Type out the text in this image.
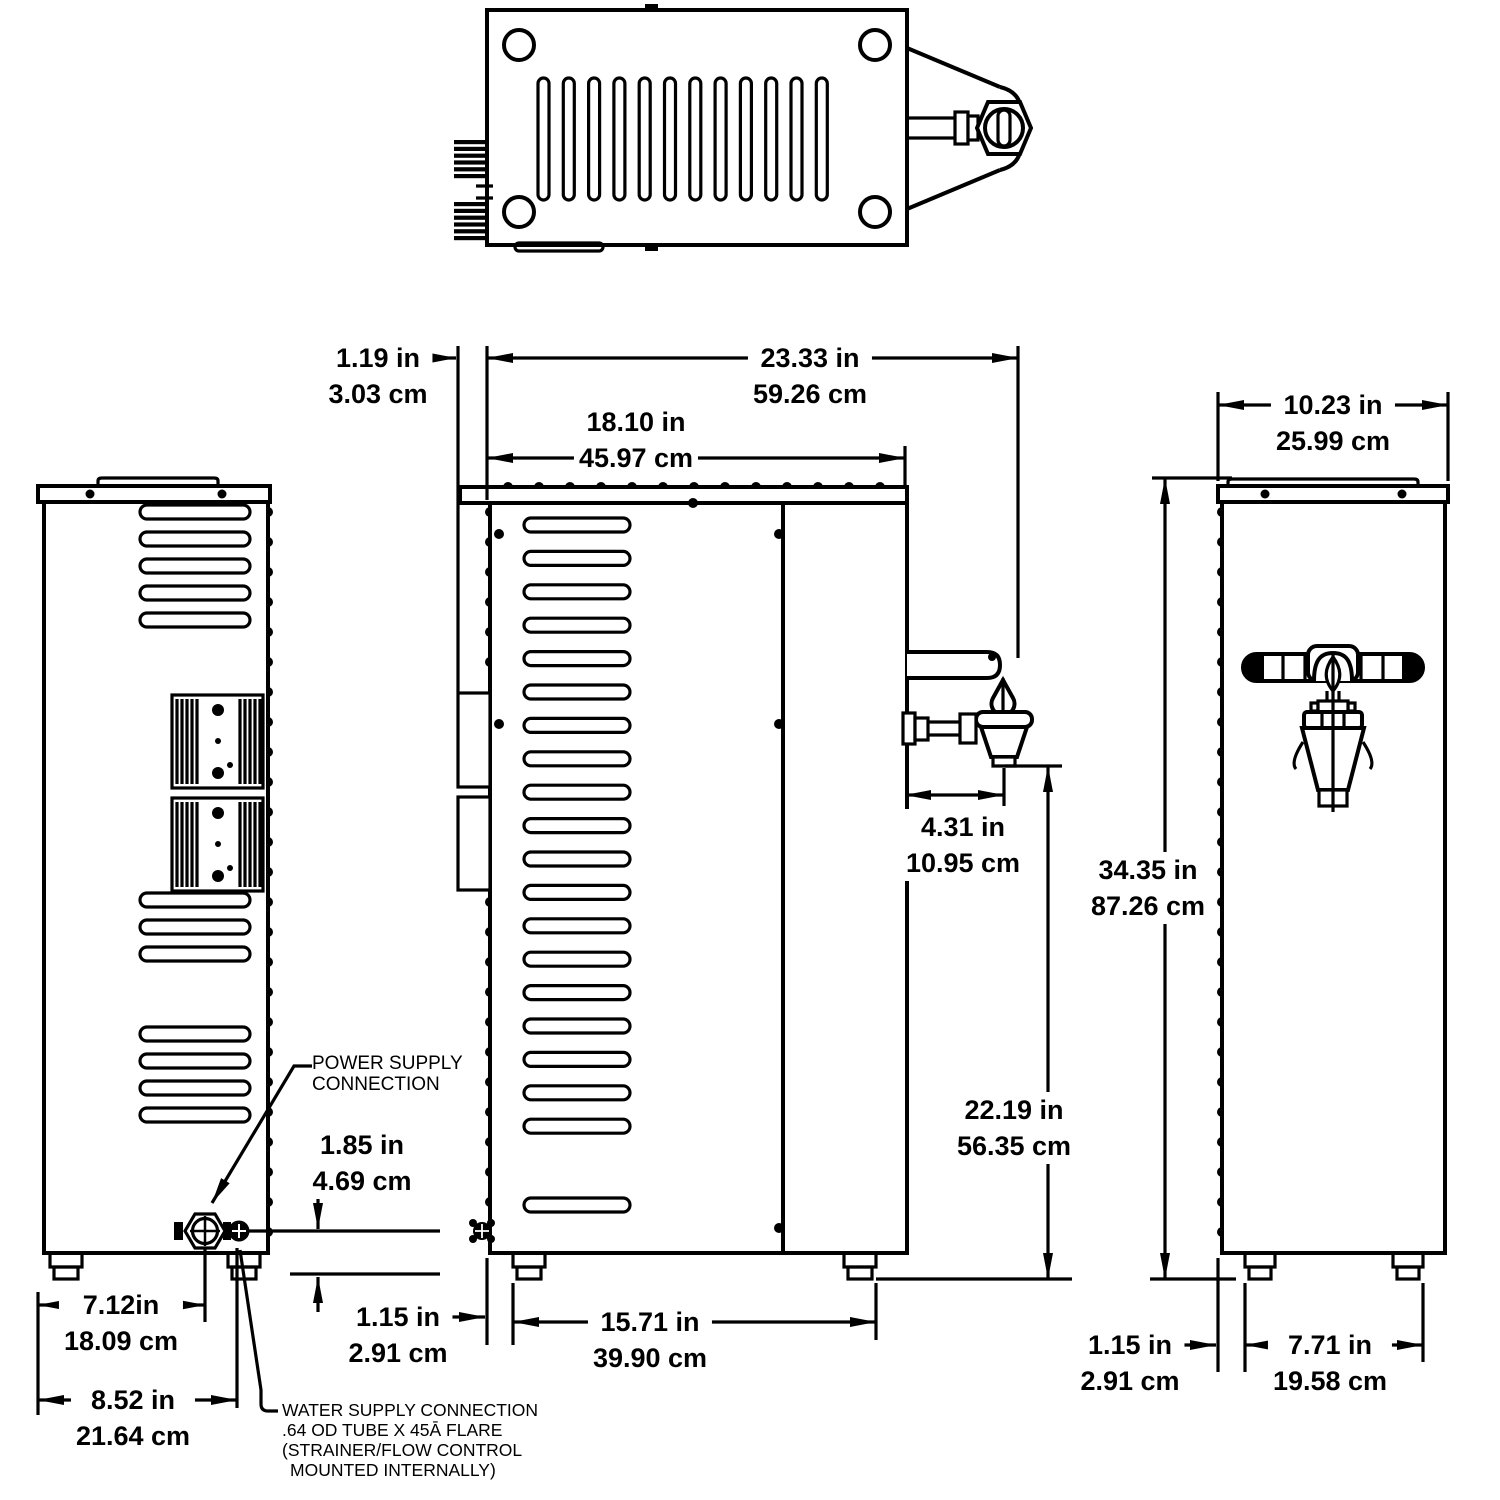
1.19 in
3.03 cm
23.33 in
59.26 cm
18.10 in
45.97 cm
10.23 in
25.99 cm
4.31 in
10.95 cm	34.35 in
87.26 cm
22.19 in
56.35 cm
1.85 in
4.69 cm
7.12in
18.09 cm
8.52 in
21.64 cm
1.15 in
2.91 cm
15.71 in
39.90 cm	1.15 in
2.91 cm
7.71 in
19.58 cm
POWER SUPPLY
CONNECTION
WATER SUPPLY CONNECTION
.64 OD TUBE X 45Ā FLARE
(STRAINER/FLOW CONTROL
MOUNTED INTERNALLY)
